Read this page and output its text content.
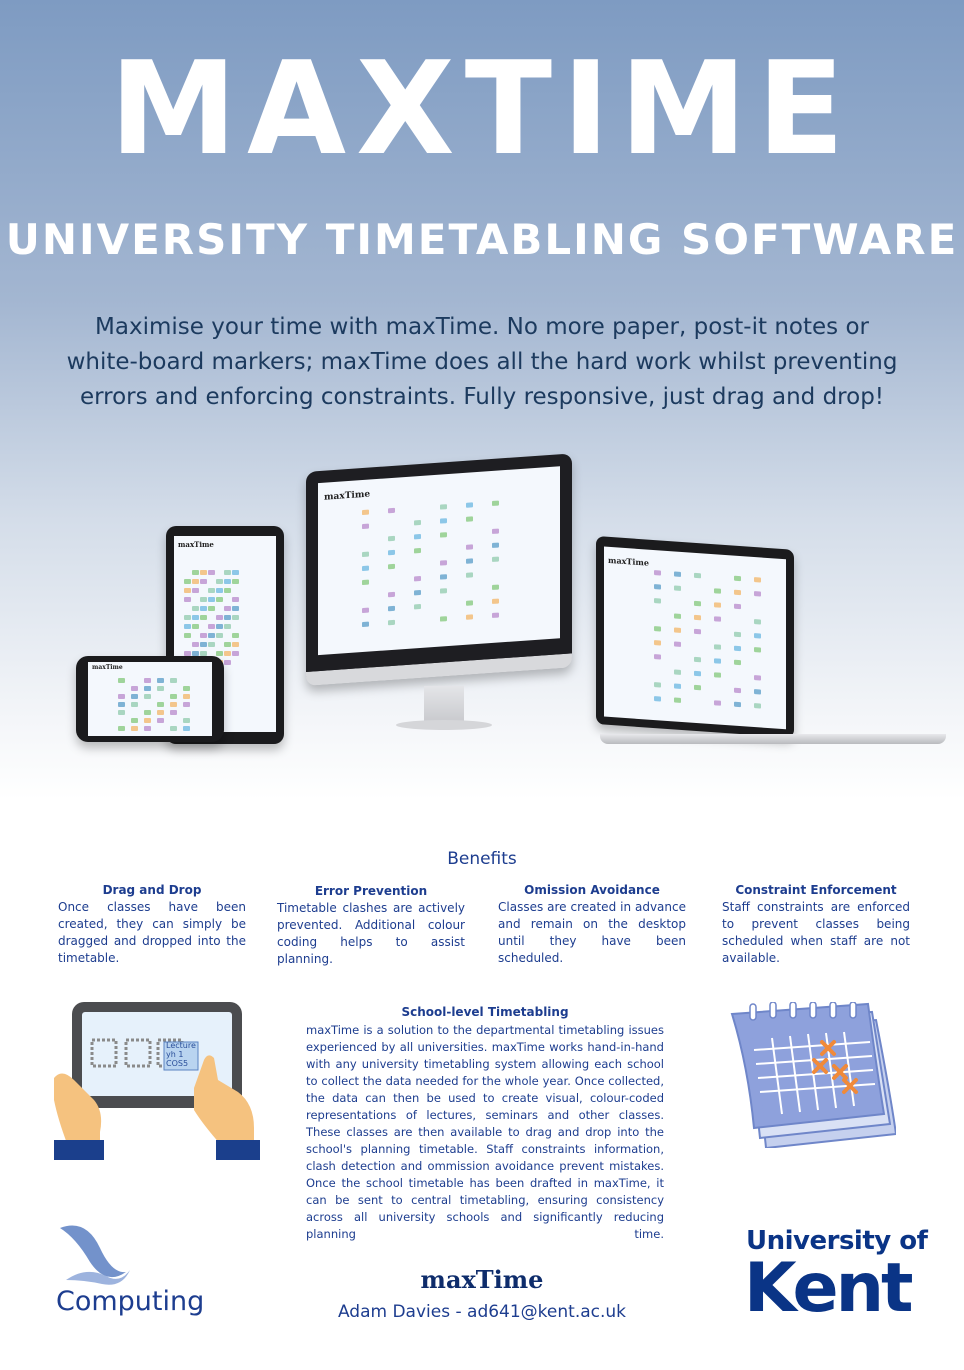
MAXTIME
UNIVERSITY TIMETABLING SOFTWARE
Maximise your time with maxTime. No more paper, post-it notes or white-board markers; maxTime does all the hard work whilst preventing errors and enforcing constraints. Fully responsive, just drag and drop!
maxTime
maxTime
maxTime
maxTime
Benefits
Drag and Drop
Once classes have been created, they can simply be dragged and dropped into the timetable.
Error Prevention
Timetable clashes are actively prevented. Additional colour coding helps to assist planning.
Omission Avoidance
Classes are created in advance and remain on the desktop until they have been scheduled.
Constraint Enforcement
Staff constraints are enforced to prevent classes being scheduled when staff are not available.
Lecture
yh 1
COS5
School-level Timetabling
maxTime is a solution to the departmental timetabling issues experienced by all universities. maxTime works hand-in-hand with any university timetabling system allowing each school to collect the data needed for the whole year. Once collected, the data can then be used to create visual, colour-coded representations of lectures, seminars and other classes. These classes are then available to drag and drop into the school's planning timetable. Staff constraints information, clash detection and ommission avoidance prevent mistakes. Once the school timetable has been drafted in maxTime, it can be sent to central timetabling, ensuring consistency across all university schools and significantly reducing planning time.
Computing
maxTime
Adam Davies - ad641@kent.ac.uk
University of
Kent
